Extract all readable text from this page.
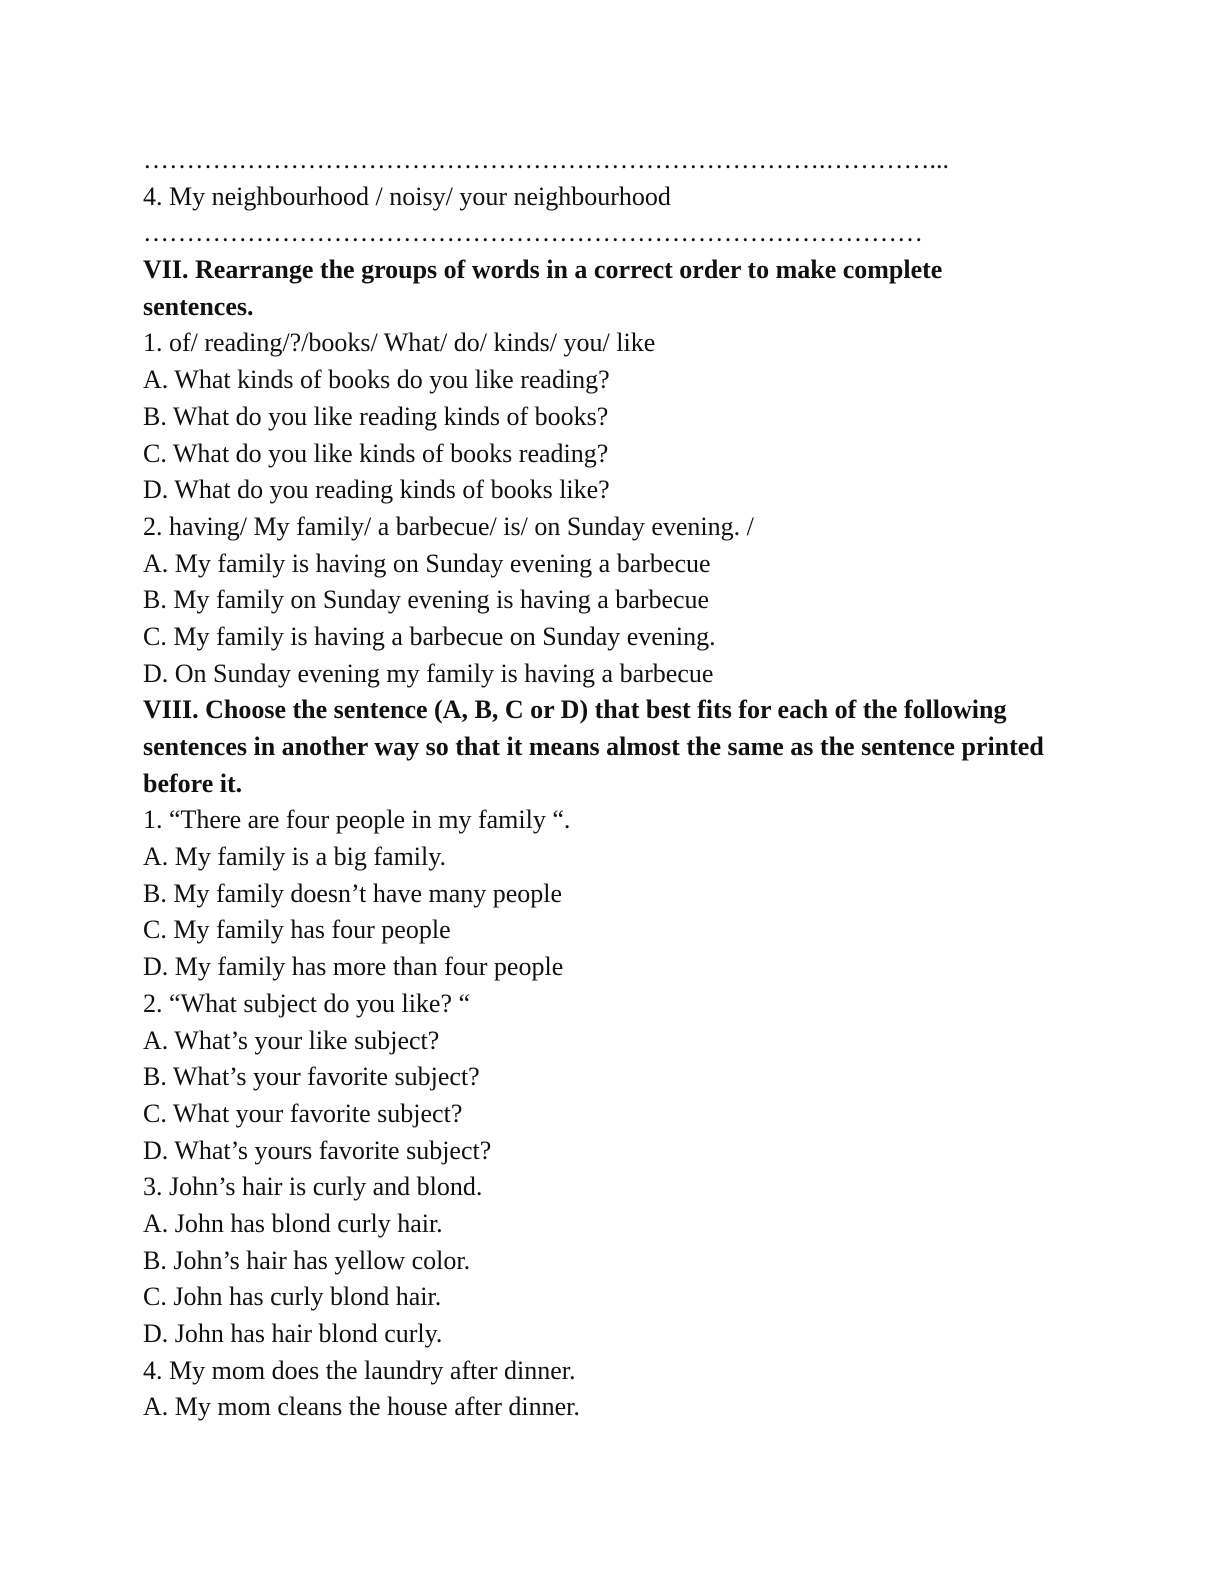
…………………………………………………………………….…………...
4. My neighbourhood / noisy/ your neighbourhood
………………………………………………………………………………
VII. Rearrange the groups of words in a correct order to make complete
sentences.
1. of/ reading/?/books/ What/ do/ kinds/ you/ like
A. What kinds of books do you like reading?
B. What do you like reading kinds of books?
C. What do you like kinds of books reading?
D. What do you reading kinds of books like?
2. having/ My family/ a barbecue/ is/ on Sunday evening. /
A. My family is having on Sunday evening a barbecue
B. My family on Sunday evening is having a barbecue
C. My family is having a barbecue on Sunday evening.
D. On Sunday evening my family is having a barbecue
VIII. Choose the sentence (A, B, C or D) that best fits for each of the following
sentences in another way so that it means almost the same as the sentence printed
before it.
1. “There are four people in my family “.
A. My family is a big family.
B. My family doesn’t have many people
C. My family has four people
D. My family has more than four people
2. “What subject do you like? “
A. What’s your like subject?
B. What’s your favorite subject?
C. What your favorite subject?
D. What’s yours favorite subject?
3. John’s hair is curly and blond.
A. John has blond curly hair.
B. John’s hair has yellow color.
C. John has curly blond hair.
D. John has hair blond curly.
4. My mom does the laundry after dinner.
A. My mom cleans the house after dinner.
